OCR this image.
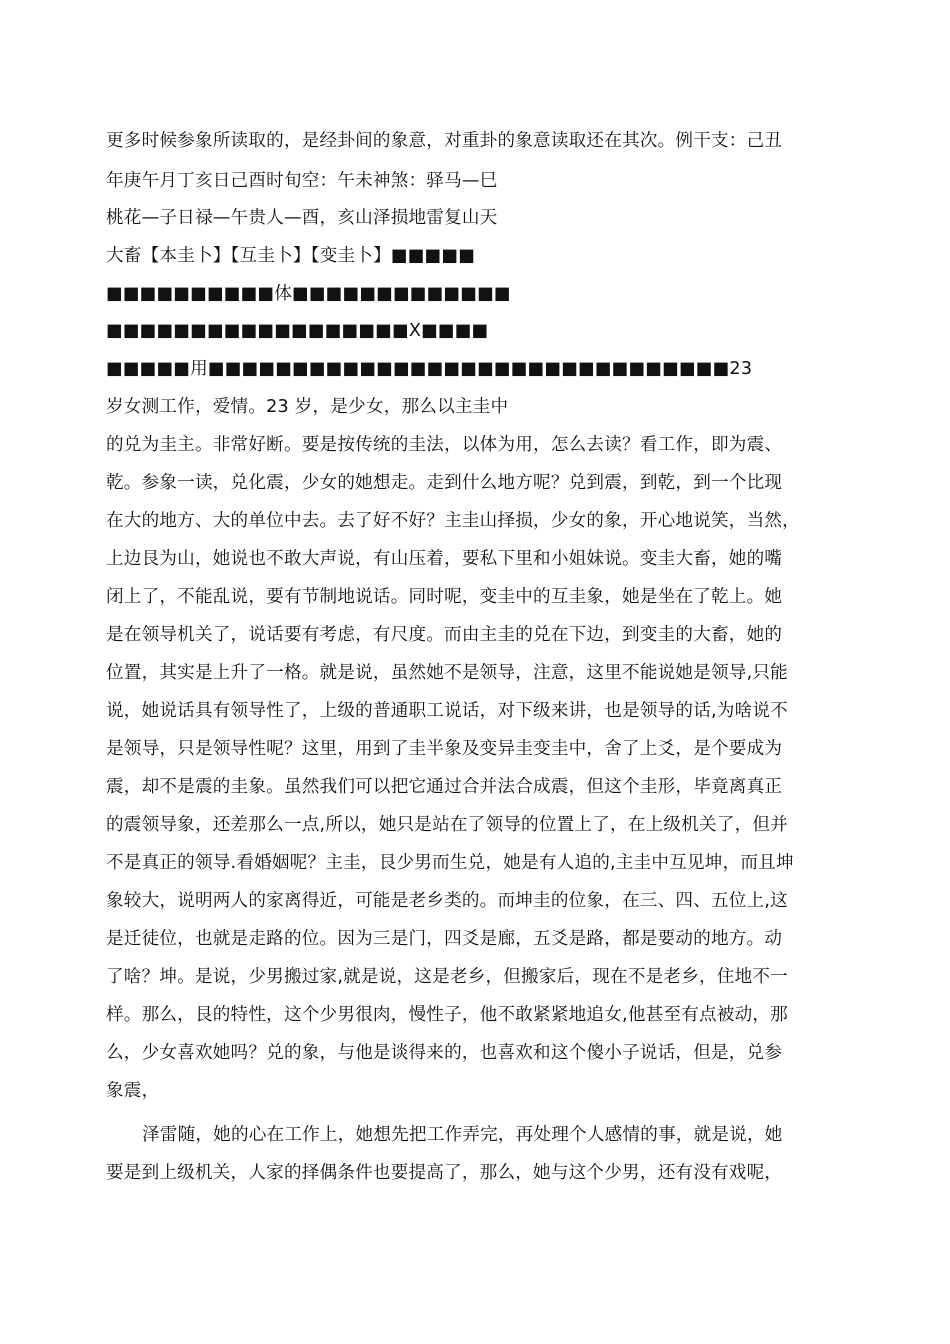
更多时候参象所读取的，是经卦间的象意，对重卦的象意读取还在其次。例干支：己丑
年庚午月丁亥日己酉时旬空：午未神煞：驿马—巳
桃花—子日禄—午贵人—酉，亥山泽损地雷复山天
大畜【本圭卜】【互圭卜】【变圭卜】■■■■■
■■■■■■■■■■体■■■■■■■■■■■■■
■■■■■■■■■■■■■■■■■■X■■■■
■■■■■用■■■■■■■■■■■■■■■■■■■■■■■■■■■■■■■23
岁女测工作，爱情。23 岁，是少女，那么以主圭中
的兑为圭主。非常好断。要是按传统的圭法，以体为用，怎么去读？看工作，即为震、
乾。参象一读，兑化震，少女的她想走。走到什么地方呢？兑到震，到乾，到一个比现
在大的地方、大的单位中去。去了好不好？主圭山择损，少女的象，开心地说笑，当然，
上边艮为山，她说也不敢大声说，有山压着，要私下里和小姐妹说。变圭大畜，她的嘴
闭上了，不能乱说，要有节制地说话。同时呢，变圭中的互圭象，她是坐在了乾上。她
是在领导机关了，说话要有考虑，有尺度。而由主圭的兑在下边，到变圭的大畜，她的
位置，其实是上升了一格。就是说，虽然她不是领导，注意，这里不能说她是领导,只能
说，她说话具有领导性了，上级的普通职工说话，对下级来讲，也是领导的话,为啥说不
是领导，只是领导性呢？这里，用到了圭半象及变异圭变圭中，舍了上爻，是个要成为
震，却不是震的圭象。虽然我们可以把它通过合并法合成震，但这个圭形，毕竟离真正
的震领导象，还差那么一点,所以，她只是站在了领导的位置上了，在上级机关了，但并
不是真正的领导.看婚姻呢？主圭，艮少男而生兑，她是有人追的,主圭中互见坤，而且坤
象较大，说明两人的家离得近，可能是老乡类的。而坤圭的位象，在三、四、五位上,这
是迁徒位，也就是走路的位。因为三是门，四爻是廊，五爻是路，都是要动的地方。动
了啥？坤。是说，少男搬过家,就是说，这是老乡，但搬家后，现在不是老乡，住地不一
样。那么，艮的特性，这个少男很肉，慢性子，他不敢紧紧地追女,他甚至有点被动，那
么，少女喜欢她吗？兑的象，与他是谈得来的，也喜欢和这个傻小子说话，但是，兑参
象震，
泽雷随，她的心在工作上，她想先把工作弄完，再处理个人感情的事，就是说，她
要是到上级机关，人家的择偶条件也要提高了，那么，她与这个少男，还有没有戏呢，
